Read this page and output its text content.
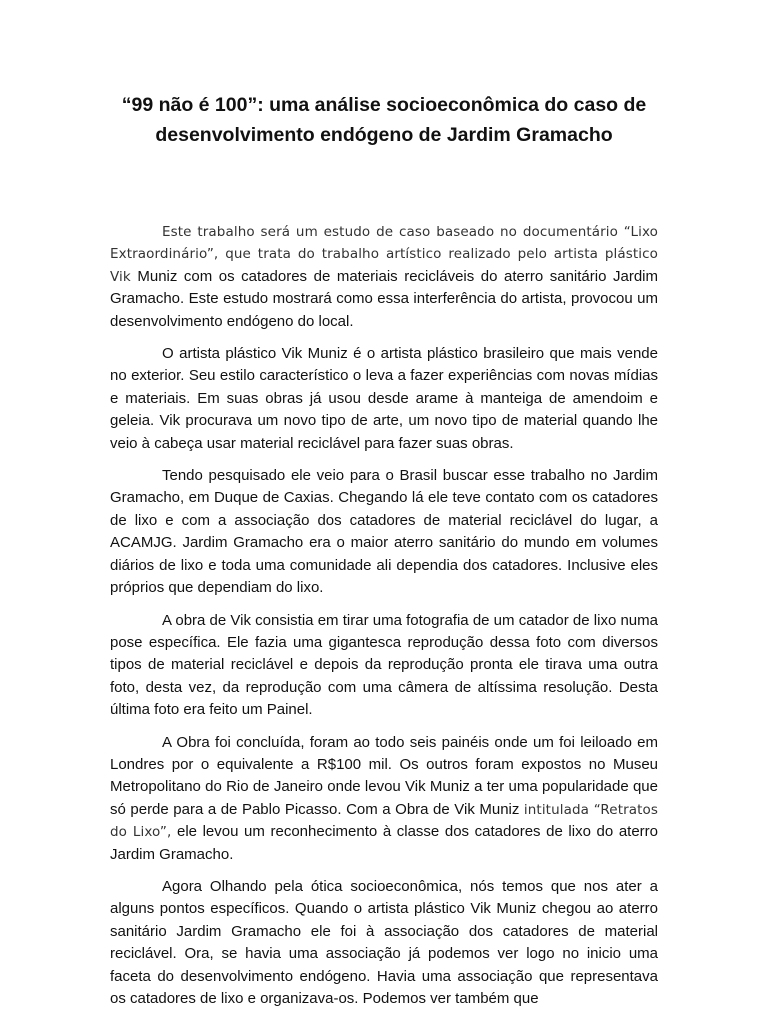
“99 não é 100”: uma análise socioeconômica do caso de desenvolvimento endógeno de Jardim Gramacho

Este trabalho será um estudo de caso baseado no documentário “Lixo Extraordinário”, que trata do trabalho artístico realizado pelo artista plástico Vik Muniz com os catadores de materiais recicláveis do aterro sanitário Jardim Gramacho. Este estudo mostrará como essa interferência do artista, provocou um desenvolvimento endógeno do local.

O artista plástico Vik Muniz é o artista plástico brasileiro que mais vende no exterior. Seu estilo característico o leva a fazer experiências com novas mídias e materiais. Em suas obras já usou desde arame à manteiga de amendoim e geleia. Vik procurava um novo tipo de arte, um novo tipo de material quando lhe veio à cabeça usar material reciclável para fazer suas obras.

Tendo pesquisado ele veio para o Brasil buscar esse trabalho no Jardim Gramacho, em Duque de Caxias. Chegando lá ele teve contato com os catadores de lixo e com a associação dos catadores de material reciclável do lugar, a ACAMJG. Jardim Gramacho era o maior aterro sanitário do mundo em volumes diários de lixo e toda uma comunidade ali dependia dos catadores. Inclusive eles próprios que dependiam do lixo.

A obra de Vik consistia em tirar uma fotografia de um catador de lixo numa pose específica. Ele fazia uma gigantesca reprodução dessa foto com diversos tipos de material reciclável e depois da reprodução pronta ele tirava uma outra foto, desta vez, da reprodução com uma câmera de altíssima resolução. Desta última foto era feito um Painel.

A Obra foi concluída, foram ao todo seis painéis onde um foi leiloado em Londres por o equivalente a R$100 mil. Os outros foram expostos no Museu Metropolitano do Rio de Janeiro onde levou Vik Muniz a ter uma popularidade que só perde para a de Pablo Picasso. Com a Obra de Vik Muniz intitulada “Retratos do Lixo”, ele levou um reconhecimento à classe dos catadores de lixo do aterro Jardim Gramacho.

Agora Olhando pela ótica socioeconômica, nós temos que nos ater a alguns pontos específicos. Quando o artista plástico Vik Muniz chegou ao aterro sanitário Jardim Gramacho ele foi à associação dos catadores de material reciclável. Ora, se havia uma associação já podemos ver logo no inicio uma faceta do desenvolvimento endógeno. Havia uma associação que representava os catadores de lixo e organizava-os. Podemos ver também que
